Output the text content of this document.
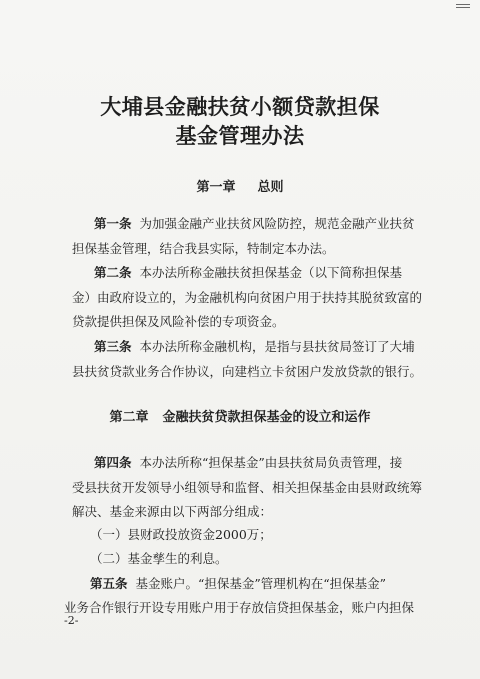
大埔县金融扶贫小额贷款担保
基金管理办法
第一章 总则
第一条 为加强金融产业扶贫风险防控，规范金融产业扶贫
担保基金管理，结合我县实际，特制定本办法。
第二条 本办法所称金融扶贫担保基金（以下简称担保基
金）由政府设立的，为金融机构向贫困户用于扶持其脱贫致富的
贷款提供担保及风险补偿的专项资金。
第三条 本办法所称金融机构，是指与县扶贫局签订了大埔
县扶贫贷款业务合作协议，向建档立卡贫困户发放贷款的银行。
第二章 金融扶贫贷款担保基金的设立和运作
第四条 本办法所称“担保基金”由县扶贫局负责管理，接
受县扶贫开发领导小组领导和监督、相关担保基金由县财政统筹
解决、基金来源由以下两部分组成：
（一）县财政投放资金2000万；
（二）基金孳生的利息。
第五条 基金账户。“担保基金”管理机构在“担保基金”
业务合作银行开设专用账户用于存放信贷担保基金，账户内担保
-2-
